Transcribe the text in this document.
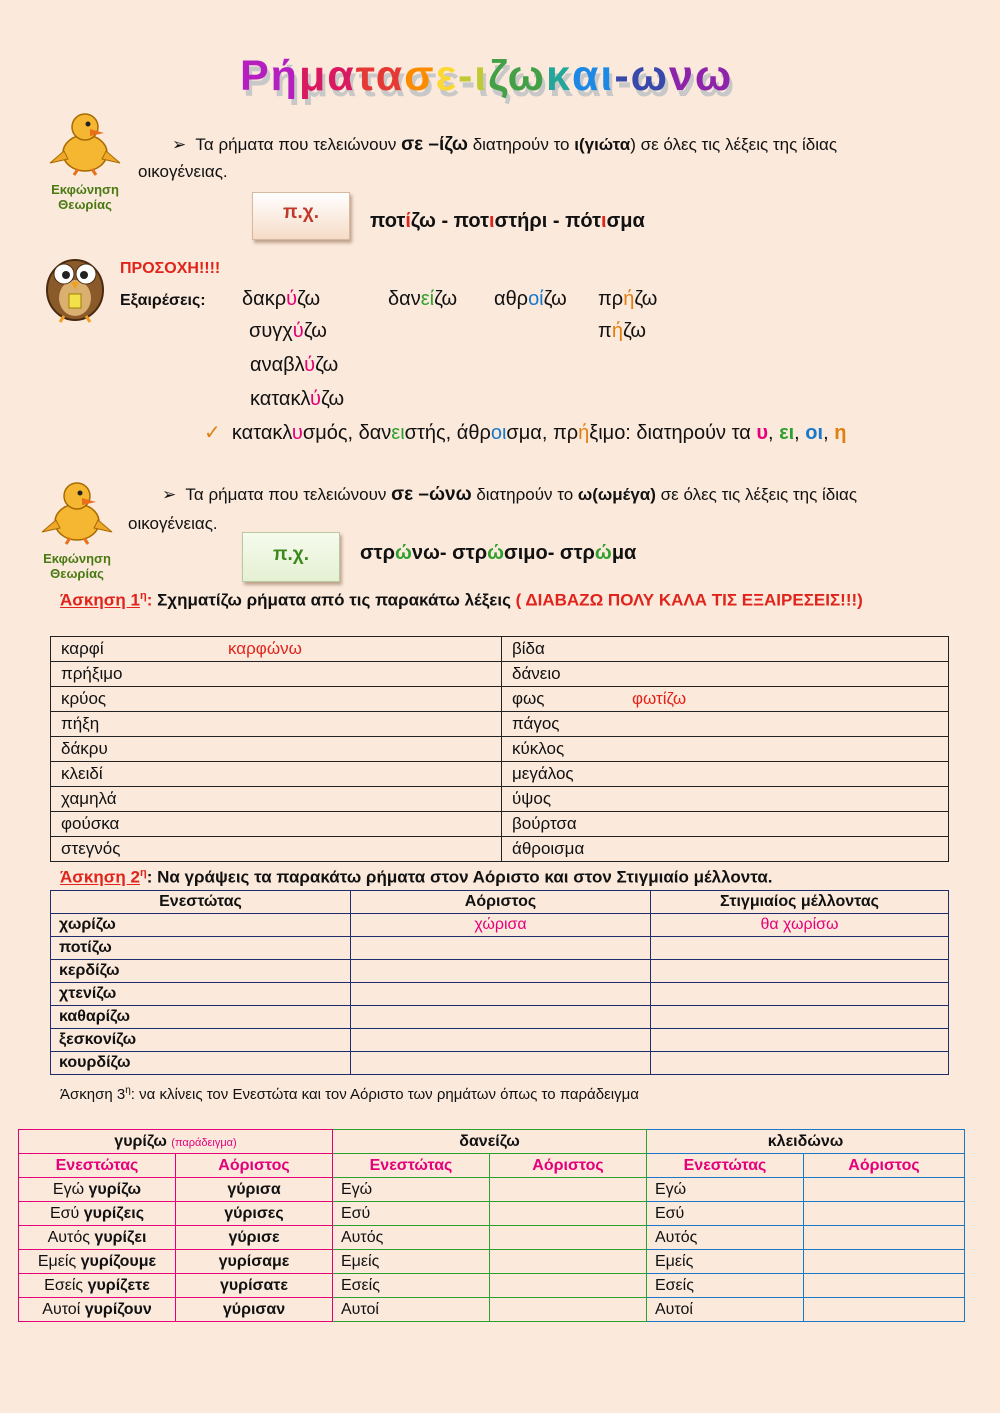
Ρήματασε-ιζωκαι-ωνω
Εκφώνηση
Θεωρίας
➢ Τα ρήματα που τελειώνουν σε –ίζω διατηρούν το ι(γιώτα) σε όλες τις λέξεις της ίδιας
οικογένειας.
π.χ.	ποτίζω - ποτιστήρι - πότισμα
ΠΡΟΣΟΧΗ!!!!
Εξαιρέσεις: δακρύζω	δανείζω αθροίζω πρήζω
συγχύζω	πήζω
αναβλύζω
κατακλύζω
✓ κατακλυσμός, δανειστής, άθροισμα, πρήξιμο: διατηρούν τα υ, ει, οι, η
Εκφώνηση
Θεωρίας
➢ Τα ρήματα που τελειώνουν σε –ώνω διατηρούν το ω(ωμέγα) σε όλες τις λέξεις της ίδιας
οικογένειας.
π.χ.	στρώνω- στρώσιμο- στρώμα
Άσκηση $1^\eta$: Σχηματίζω ρήματα από τις παρακάτω λέξεις ( ΔΙΑΒΑΖΩ ΠΟΛΥ ΚΑΛΑ ΤΙΣ ΕΞΑΙΡΕΣΕΙΣ!!!)
καρφί καρφώνω	βίδα
πρήξιμο	δάνειο
κρύος	φως φωτίζω
πήξη	πάγος
δάκρυ	κύκλος
κλειδί	μεγάλος
χαμηλά	ύψος
φούσκα	βούρτσα
στεγνός	άθροισμα
Άσκηση $2^\eta$: Να γράψεις τα παρακάτω ρήματα στον Αόριστο και στον Στιγμιαίο μέλλοντα.
Ενεστώτας	Αόριστος	Στιγμιαίος μέλλοντας
χωρίζω	χώρισα	θα χωρίσω
ποτίζω		
κερδίζω		
χτενίζω		
καθαρίζω		
ξεσκονίζω		
κουρδίζω		
Άσκηση $3^\eta$: να κλίνεις τον Ενεστώτα και τον Αόριστο των ρημάτων όπως το παράδειγμα
γυρίζω (παράδειγμα)		δανείζω		κλειδώνω	
Ενεστώτας	Αόριστος	Ενεστώτας	Αόριστος	Ενεστώτας	Αόριστος
Εγώ γυρίζω	γύρισα	Εγώ		Εγώ	
Εσύ γυρίζεις	γύρισες	Εσύ		Εσύ	
Αυτός γυρίζει	γύρισε	Αυτός		Αυτός	
Εμείς γυρίζουμε	γυρίσαμε	Εμείς		Εμείς	
Εσείς γυρίζετε	γυρίσατε	Εσείς		Εσείς	
Αυτοί γυρίζουν	γύρισαν	Αυτοί		Αυτοί	
